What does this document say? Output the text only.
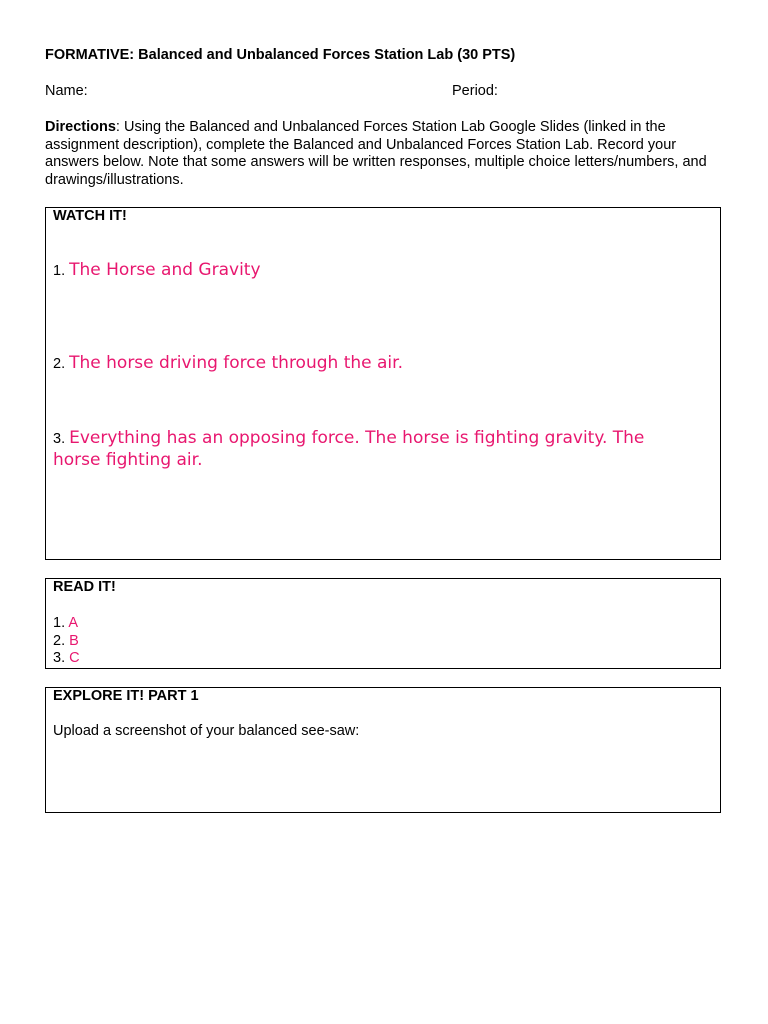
FORMATIVE: Balanced and Unbalanced Forces Station Lab (30 PTS)
Name:	Period:
Directions: Using the Balanced and Unbalanced Forces Station Lab Google Slides (linked in the assignment description), complete the Balanced and Unbalanced Forces Station Lab. Record your answers below. Note that some answers will be written responses, multiple choice letters/numbers, and drawings/illustrations.
WATCH IT!
1. The Horse and Gravity
2. The horse driving force through the air.
3. Everything has an opposing force. The horse is fighting gravity. The horse fighting air.
READ IT!
1. A
2. B
3. C
EXPLORE IT! PART 1
Upload a screenshot of your balanced see-saw:
